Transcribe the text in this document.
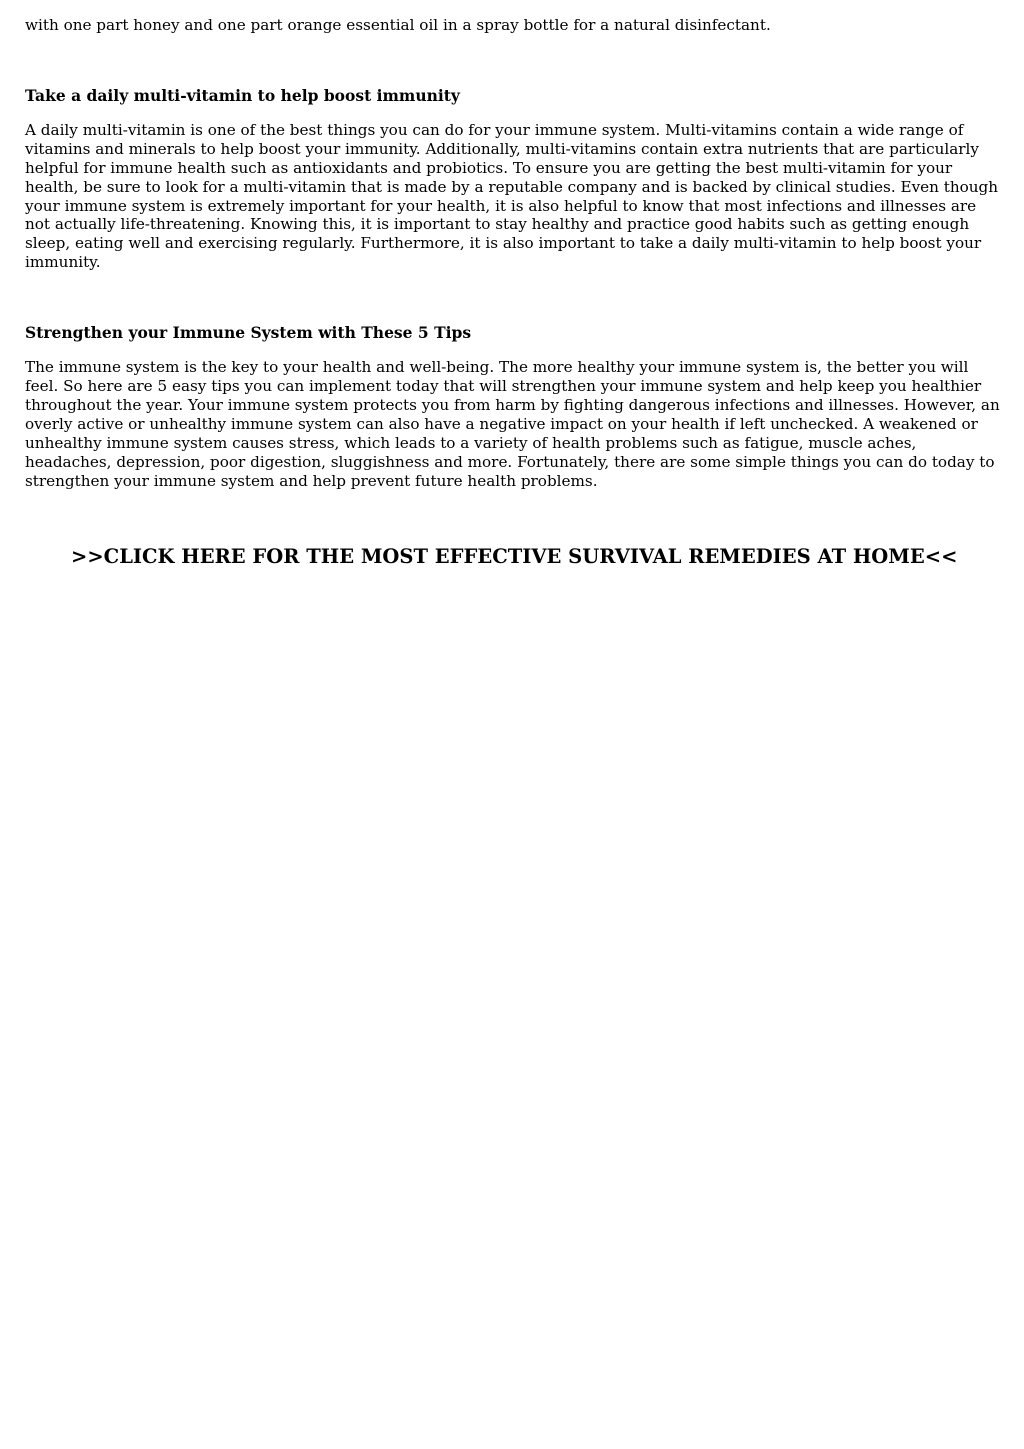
with one part honey and one part orange essential oil in a spray bottle for a natural disinfectant.

Take a daily multi-vitamin to help boost immunity

A daily multi-vitamin is one of the best things you can do for your immune system. Multi-vitamins contain a wide range of vitamins and minerals to help boost your immunity. Additionally, multi-vitamins contain extra nutrients that are particularly helpful for immune health such as antioxidants and probiotics. To ensure you are getting the best multi-vitamin for your health, be sure to look for a multi-vitamin that is made by a reputable company and is backed by clinical studies. Even though your immune system is extremely important for your health, it is also helpful to know that most infections and illnesses are not actually life-threatening. Knowing this, it is important to stay healthy and practice good habits such as getting enough sleep, eating well and exercising regularly. Furthermore, it is also important to take a daily multi-vitamin to help boost your immunity.

Strengthen your Immune System with These 5 Tips

The immune system is the key to your health and well-being. The more healthy your immune system is, the better you will feel. So here are 5 easy tips you can implement today that will strengthen your immune system and help keep you healthier throughout the year. Your immune system protects you from harm by fighting dangerous infections and illnesses. However, an overly active or unhealthy immune system can also have a negative impact on your health if left unchecked. A weakened or unhealthy immune system causes stress, which leads to a variety of health problems such as fatigue, muscle aches, headaches, depression, poor digestion, sluggishness and more. Fortunately, there are some simple things you can do today to strengthen your immune system and help prevent future health problems.

>>CLICK HERE FOR THE MOST EFFECTIVE SURVIVAL REMEDIES AT HOME<<
